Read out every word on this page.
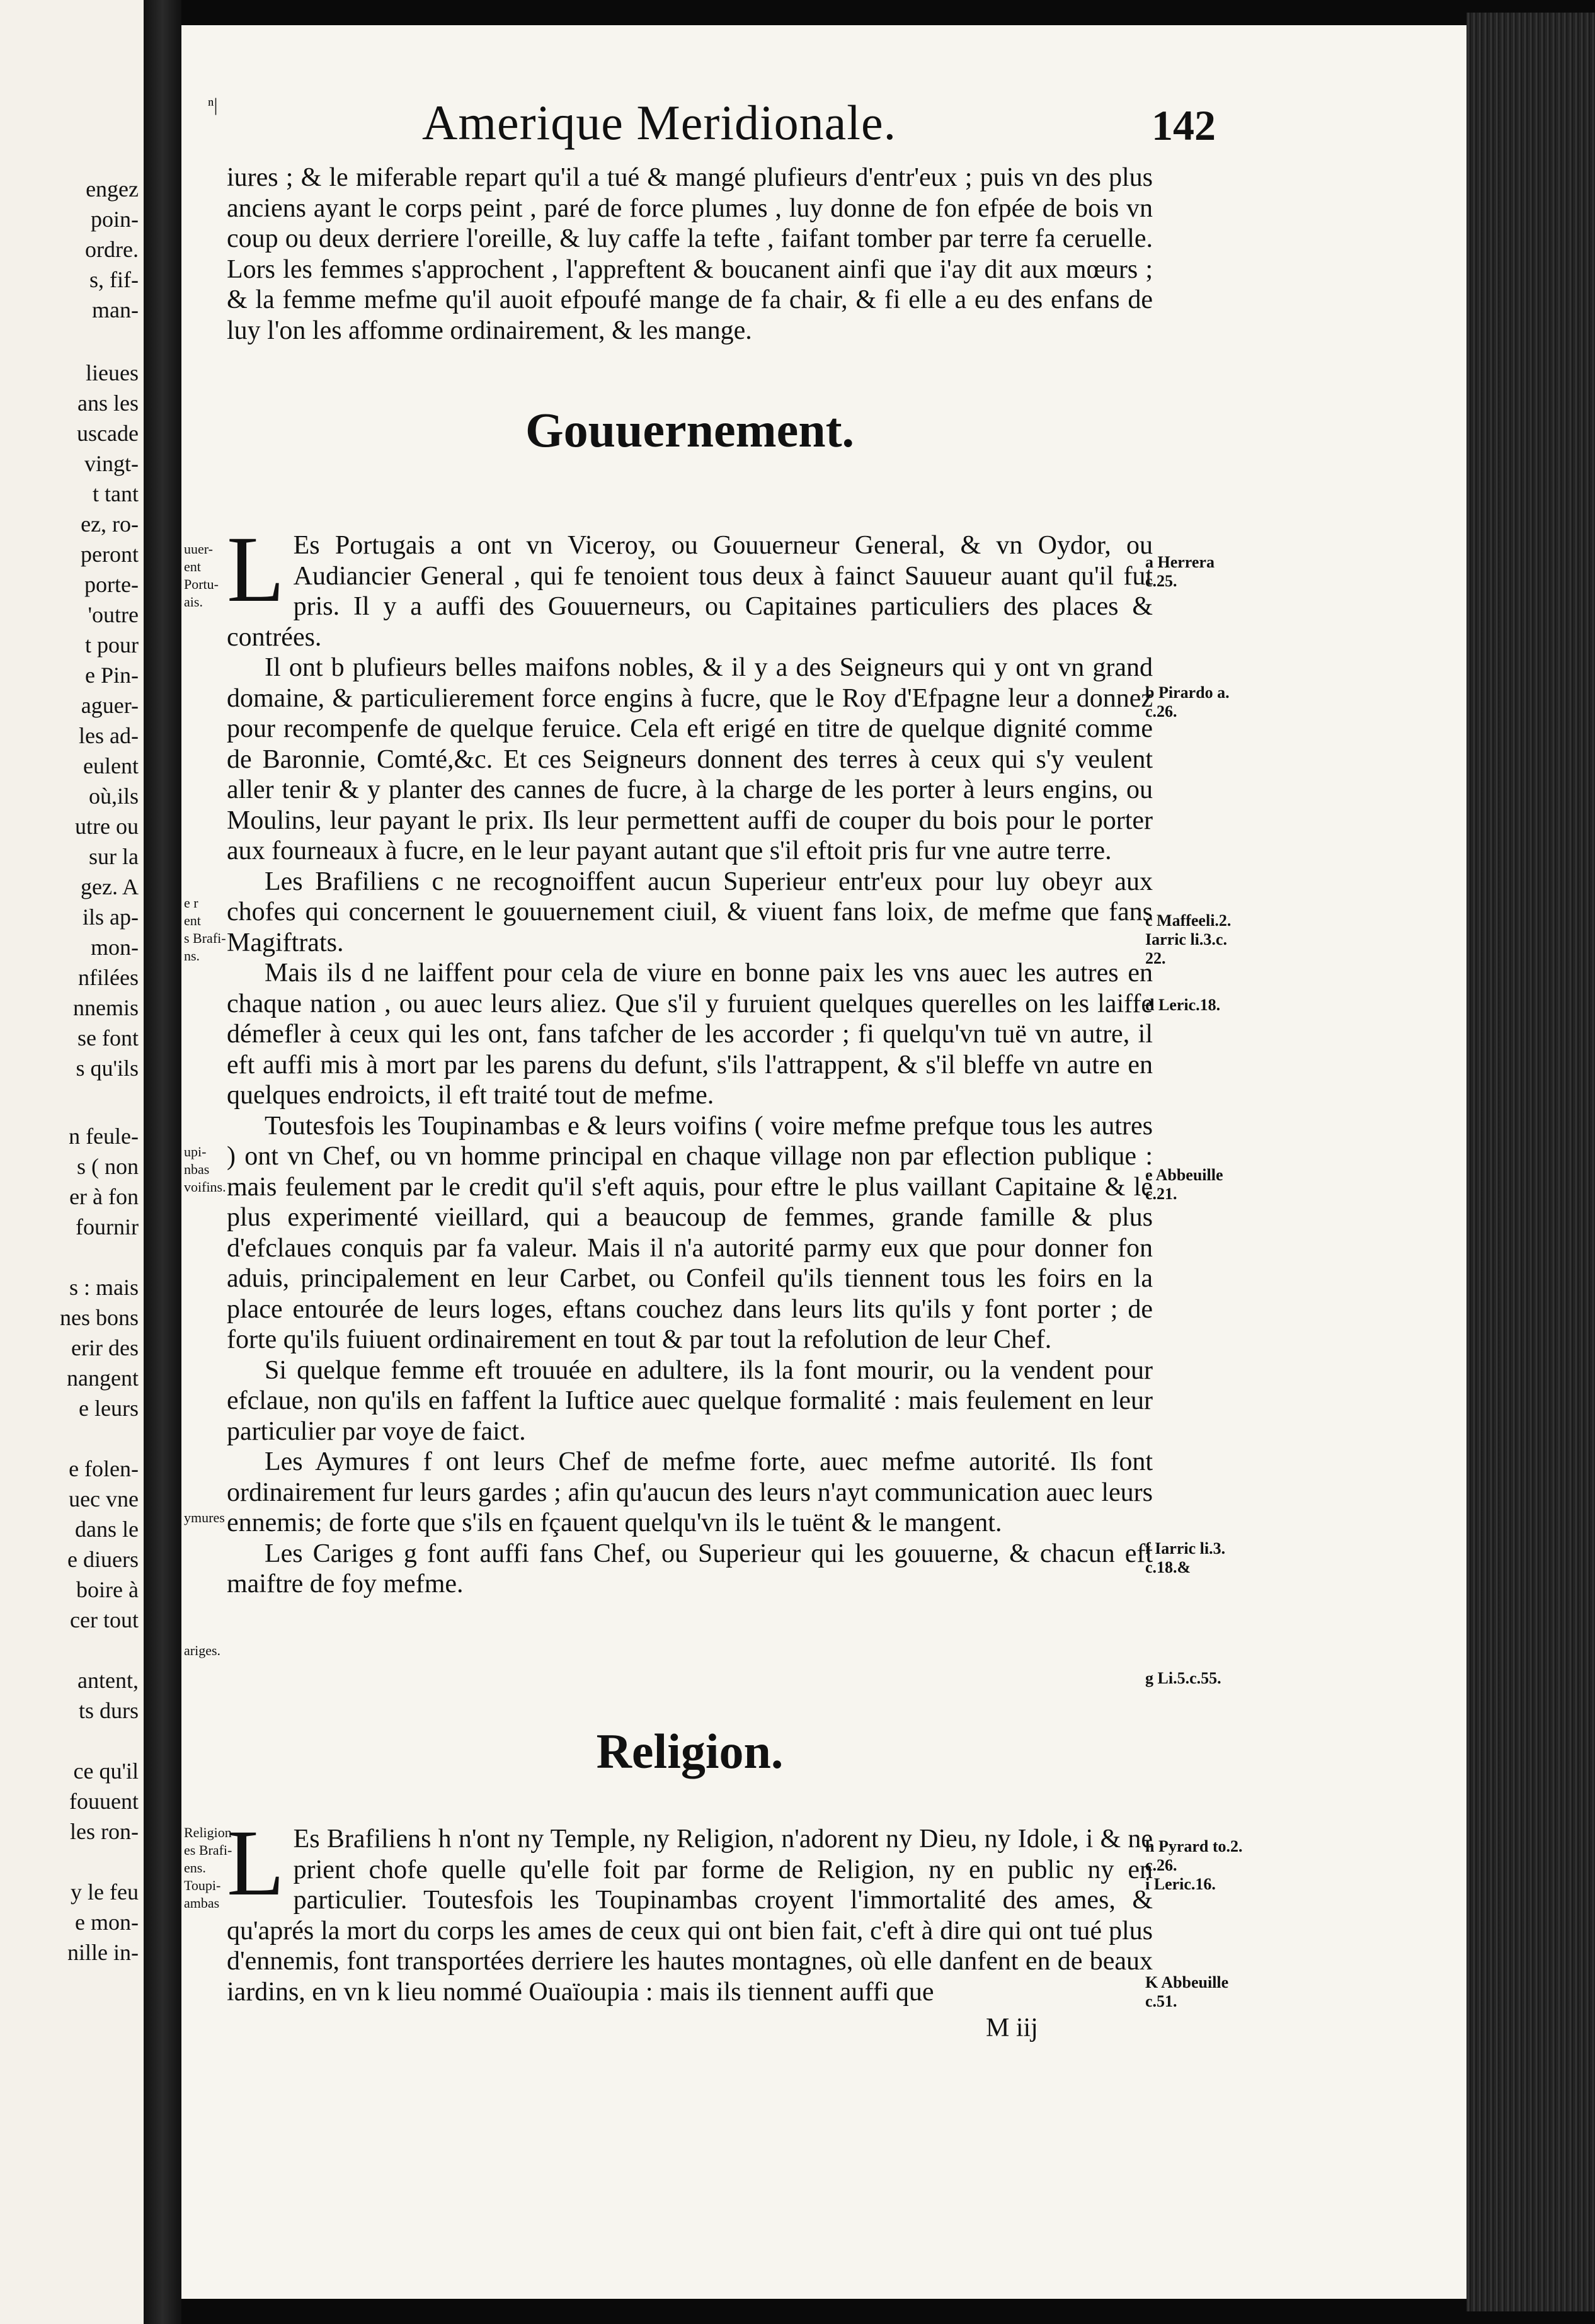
engez
poin-
ordre.
s, fif-
man-
lieues
ans les
uscade
vingt-
t tant
ez, ro-
peront
porte-
'outre
t pour
e Pin-
aguer-
les ad-
eulent
où,ils
utre ou
sur la
gez. A
ils ap-
mon-
nfilées
nnemis
se font
s qu'ils
n feule-
s ( non
er à fon
fournir
s : mais
nes bons
erir des
nangent
e leurs
e folen-
uec vne
dans le
e diuers
boire à
cer tout
antent,
ts durs
ce qu'il
fouuent
les ron-
y le feu
e mon-
nille in-
ⁿ|	Amerique Meridionale.	142

iures ; & le miferable repart qu'il a tué & mangé plufieurs d'entr'eux ; puis vn des plus anciens ayant le corps peint , paré de force plumes , luy donne de fon efpée de bois vn coup ou deux derriere l'oreille, & luy caffe la tefte , faifant tomber par terre fa ceruelle. Lors les femmes s'approchent , l'appreftent & boucanent ainfi que i'ay dit aux mœurs ; & la femme mefme qu'il auoit efpoufé mange de fa chair, & fi elle a eu des enfans de luy l'on les affomme ordinairement, & les mange.

Gouuernement.

L Es Portugais a ont vn Viceroy, ou Gouuerneur General, & vn Oydor, ou Audiancier General , qui fe tenoient tous deux à fainct Sauueur auant qu'il fut pris. Il y a auffi des Gouuerneurs, ou Capitaines particuliers des places & contrées.

Il ont b plufieurs belles maifons nobles, & il y a des Seigneurs qui y ont vn grand domaine, & particulierement force engins à fucre, que le Roy d'Efpagne leur a donnez pour recompenfe de quelque feruice. Cela eft erigé en titre de quelque dignité comme de Baronnie, Comté,&c. Et ces Seigneurs donnent des terres à ceux qui s'y veulent aller tenir & y planter des cannes de fucre, à la charge de les porter à leurs engins, ou Moulins, leur payant le prix. Ils leur permettent auffi de couper du bois pour le porter aux fourneaux à fucre, en le leur payant autant que s'il eftoit pris fur vne autre terre.

Les Brafiliens c ne recognoiffent aucun Superieur entr'eux pour luy obeyr aux chofes qui concernent le gouuernement ciuil, & viuent fans loix, de mefme que fans Magiftrats.

Mais ils d ne laiffent pour cela de viure en bonne paix les vns auec les autres en chaque nation , ou auec leurs aliez. Que s'il y furuient quelques querelles on les laiffe démefler à ceux qui les ont, fans tafcher de les accorder ; fi quelqu'vn tuë vn autre, il eft auffi mis à mort par les parens du defunt, s'ils l'attrappent, & s'il bleffe vn autre en quelques endroicts, il eft traité tout de mefme.

Toutesfois les Toupinambas e & leurs voifins ( voire mefme prefque tous les autres ) ont vn Chef, ou vn homme principal en chaque village non par eflection publique : mais feulement par le credit qu'il s'eft aquis, pour eftre le plus vaillant Capitaine & le plus experimenté vieillard, qui a beaucoup de femmes, grande famille & plus d'efclaues conquis par fa valeur. Mais il n'a autorité parmy eux que pour donner fon aduis, principalement en leur Carbet, ou Confeil qu'ils tiennent tous les foirs en la place entourée de leurs loges, eftans couchez dans leurs lits qu'ils y font porter ; de forte qu'ils fuiuent ordinairement en tout & par tout la refolution de leur Chef.

Si quelque femme eft trouuée en adultere, ils la font mourir, ou la vendent pour efclaue, non qu'ils en faffent la Iuftice auec quelque formalité : mais feulement en leur particulier par voye de faict.

Les Aymures f ont leurs Chef de mefme forte, auec mefme autorité. Ils font ordinairement fur leurs gardes ; afin qu'aucun des leurs n'ayt communication auec leurs ennemis; de forte que s'ils en fçauent quelqu'vn ils le tuënt & le mangent.

Les Cariges g font auffi fans Chef, ou Superieur qui les gouuerne, & chacun eft maiftre de foy mefme.

Religion.

L Es Brafiliens h n'ont ny Temple, ny Religion, n'adorent ny Dieu, ny Idole, i & ne prient chofe quelle qu'elle foit par forme de Religion, ny en public ny en particulier. Toutesfois les Toupinambas croyent l'immortalité des ames, & qu'aprés la mort du corps les ames de ceux qui ont bien fait, c'eft à dire qui ont tué plus d'ennemis, font transportées derriere les hautes montagnes, où elle danfent en de beaux iardins, en vn k lieu nommé Ouaïoupia : mais ils tiennent auffi que

M iij
a Herrera
c.25.
b Pirardo a.
c.26.
c Maffeeli.2.
Iarric li.3.c.
22.
d Leric.18.
e Abbeuille
c.21.
f Iarric li.3.
c.18.&
g Li.5.c.55.
h Pyrard to.2.
c.26.
i Leric.16.
K Abbeuille
c.51.
uuer-
ent
Portu-
ais.
e r
ent
s Brafi-
ns.
upi-
nbas
voifins.
ymures
ariges.
Religion
es Brafi-
ens.
Toupi-
ambas
